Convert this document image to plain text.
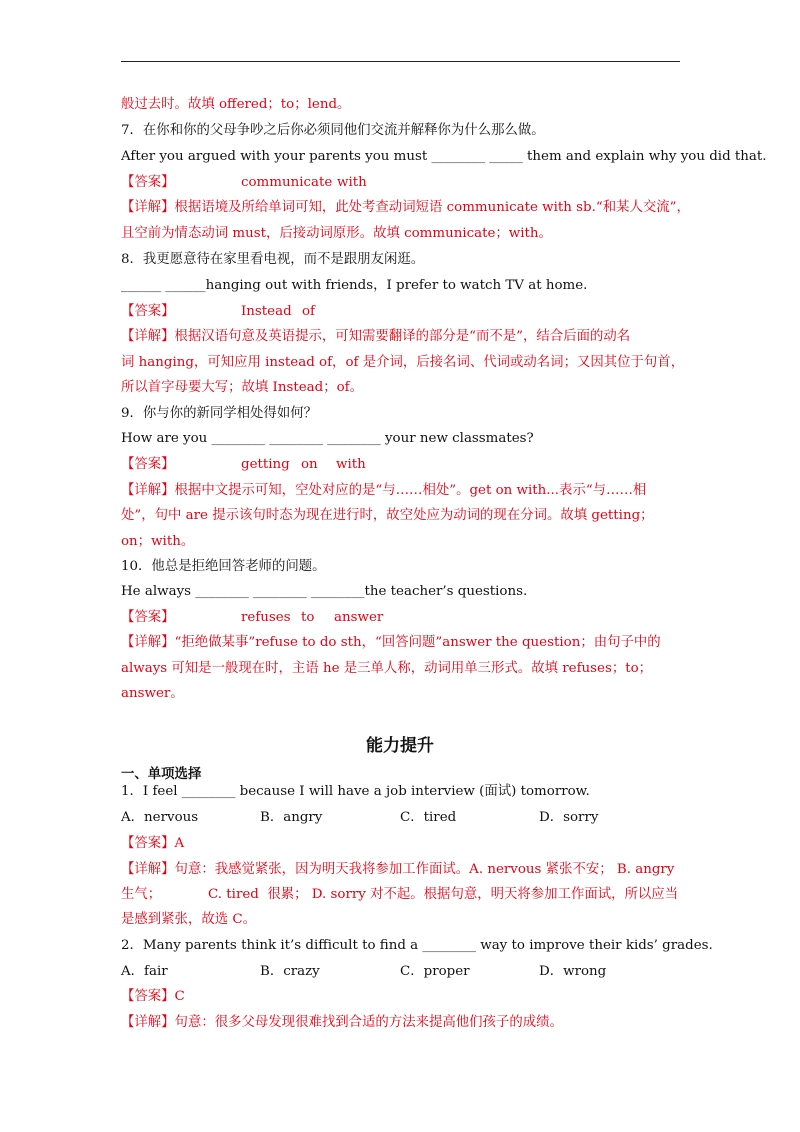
般过去时。故填 offered；to；lend。
7．在你和你的父母争吵之后你必须同他们交流并解释你为什么那么做。
After you argued with your parents you must ________ _____ them and explain why you did that.
【答案】	communicate with
【详解】根据语境及所给单词可知，此处考查动词短语 communicate with sb.“和某人交流”，
且空前为情态动词 must，后接动词原形。故填 communicate；with。
8．我更愿意待在家里看电视，而不是跟朋友闲逛。
______ ______hanging out with friends，I prefer to watch TV at home.
【答案】	Instead of
【详解】根据汉语句意及英语提示，可知需要翻译的部分是“而不是”，结合后面的动名
词 hanging，可知应用 instead of，of 是介词，后接名词、代词或动名词；又因其位于句首，
所以首字母要大写；故填 Instead；of。
9．你与你的新同学相处得如何？
How are you ________ ________ ________ your new classmates?
【答案】	getting on with
【详解】根据中文提示可知，空处对应的是“与……相处”。get on with...表示“与……相
处”，句中 are 提示该句时态为现在进行时，故空处应为动词的现在分词。故填 getting；
on；with。
10．他总是拒绝回答老师的问题。
He always ________ ________ ________the teacher’s questions.
【答案】	refuses to answer
【详解】“拒绝做某事”refuse to do sth，“回答问题”answer the question；由句子中的
always 可知是一般现在时，主语 he 是三单人称，动词用单三形式。故填 refuses；to；
answer。
能力提升
一、单项选择
1．I feel ________ because I will have a job interview (面试) tomorrow.
A．nervous	B．angry	C．tired	D．sorry
【答案】A
【详解】句意：我感觉紧张，因为明天我将参加工作面试。A. nervous 紧张不安； B. angry
生气；           C. tired  很累； D. sorry 对不起。根据句意，明天将参加工作面试，所以应当
是感到紧张，故选 C。
2．Many parents think it’s difficult to find a ________ way to improve their kids’ grades.
A．fair	B．crazy	C．proper	D．wrong
【答案】C
【详解】句意：很多父母发现很难找到合适的方法来提高他们孩子的成绩。
